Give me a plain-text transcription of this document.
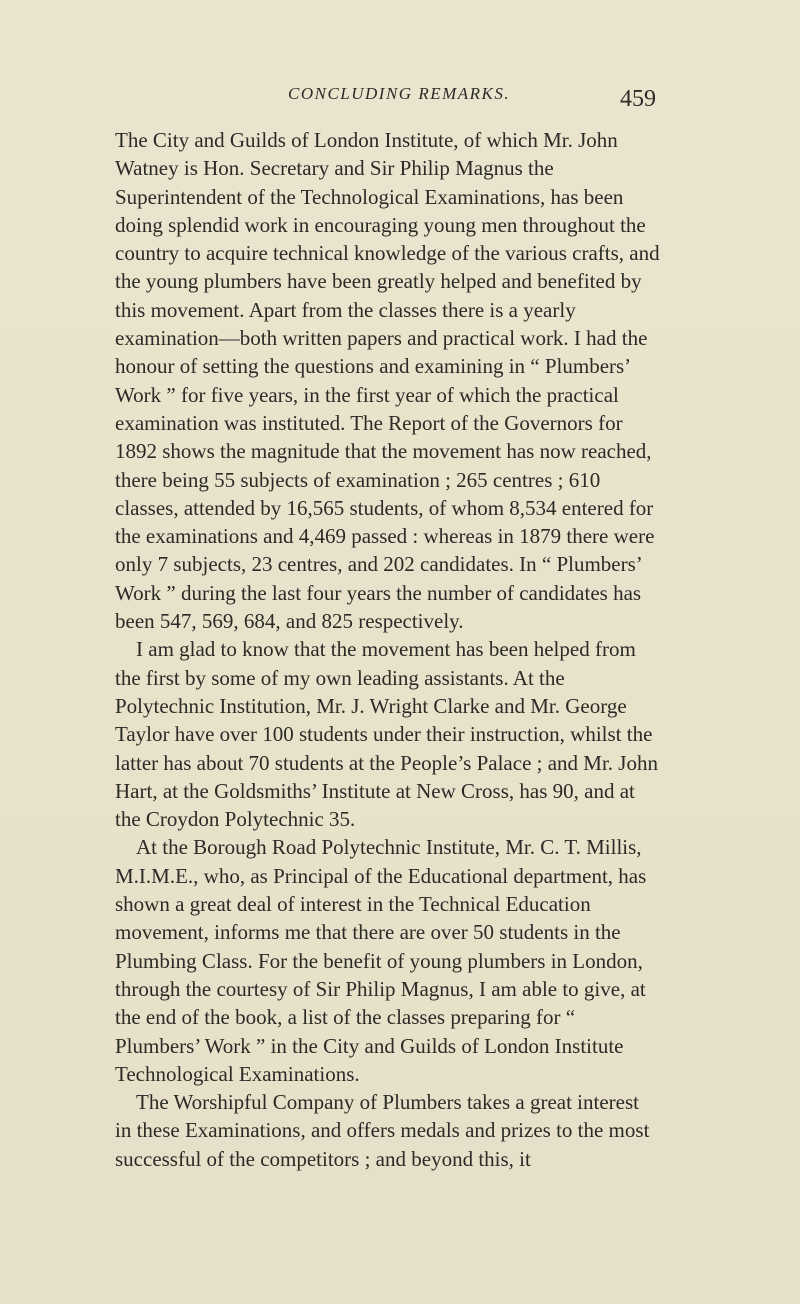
CONCLUDING REMARKS.	459

The City and Guilds of London Institute, of which Mr. John Watney is Hon. Secretary and Sir Philip Magnus the Superintendent of the Technological Examinations, has been doing splendid work in encouraging young men throughout the country to acquire technical knowledge of the various crafts, and the young plumbers have been greatly helped and benefited by this movement. Apart from the classes there is a yearly examination—both written papers and practical work. I had the honour of setting the questions and examining in “ Plumbers’ Work ” for five years, in the first year of which the practical examination was instituted. The Report of the Governors for 1892 shows the magnitude that the movement has now reached, there being 55 subjects of examination ; 265 centres ; 610 classes, attended by 16,565 students, of whom 8,534 entered for the examinations and 4,469 passed : whereas in 1879 there were only 7 subjects, 23 centres, and 202 candidates. In “ Plumbers’ Work ” during the last four years the number of candidates has been 547, 569, 684, and 825 respectively.

I am glad to know that the movement has been helped from the first by some of my own leading assistants. At the Polytechnic Institution, Mr. J. Wright Clarke and Mr. George Taylor have over 100 students under their instruction, whilst the latter has about 70 students at the People’s Palace ; and Mr. John Hart, at the Goldsmiths’ Institute at New Cross, has 90, and at the Croydon Polytechnic 35.

At the Borough Road Polytechnic Institute, Mr. C. T. Millis, M.I.M.E., who, as Principal of the Educational department, has shown a great deal of interest in the Technical Education movement, informs me that there are over 50 students in the Plumbing Class. For the benefit of young plumbers in London, through the courtesy of Sir Philip Magnus, I am able to give, at the end of the book, a list of the classes preparing for “ Plumbers’ Work ” in the City and Guilds of London Institute Technological Examinations.

The Worshipful Company of Plumbers takes a great interest in these Examinations, and offers medals and prizes to the most successful of the competitors ; and beyond this, it
